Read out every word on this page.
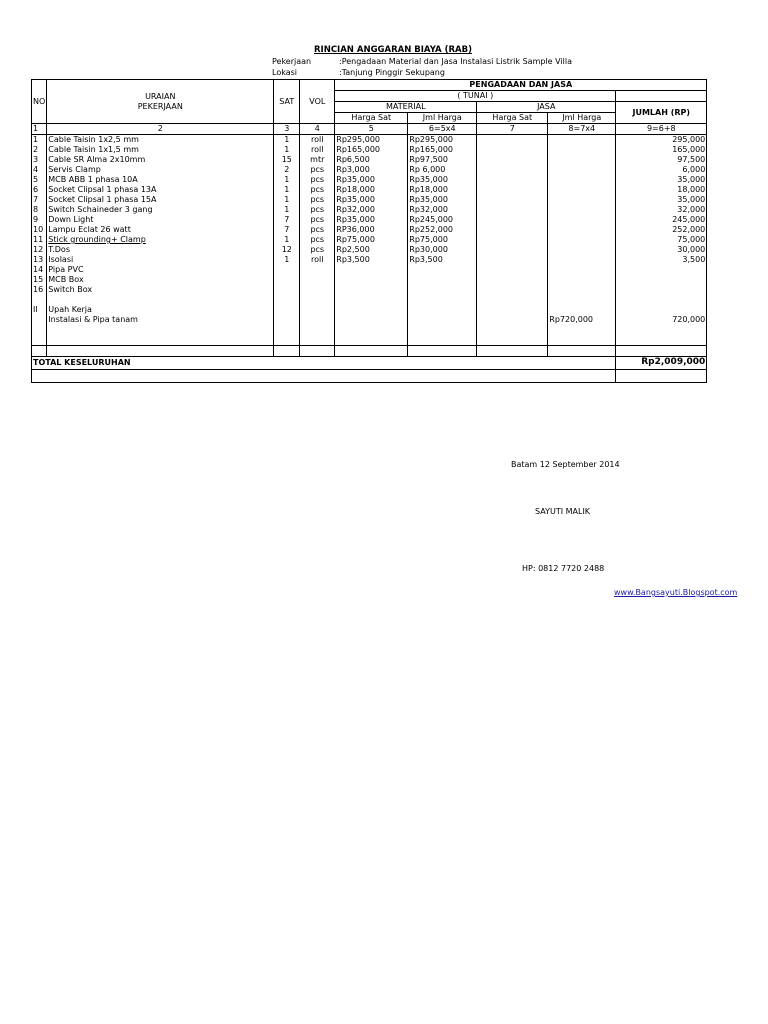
RINCIAN ANGGARAN BIAYA (RAB)
Pekerjaan	:Pengadaan Material dan Jasa Instalasi Listrik Sample Villa
Lokasi	:Tanjung Pinggir Sekupang
NO	URAIAN
PEKERJAAN	SAT	VOL	PENGADAAN DAN JASA				
				( TUNAI )				
				MATERIAL		JASA		JUMLAH (RP)
				Harga Sat	Jml Harga	Harga Sat	Jml Harga	
1	2	3	4	5	6=5x4	7	8=7x4	9=6+8
1	Cable Taisin 1x2,5 mm	1	roll	Rp295,000	Rp295,000			295,000
2	Cable Taisin 1x1,5 mm	1	roll	Rp165,000	Rp165,000			165,000
3	Cable SR Alma 2x10mm	15	mtr	Rp6,500	Rp97,500			97,500
4	Servis Clamp	2	pcs	Rp3,000	Rp 6,000			6,000
5	MCB ABB 1 phasa 10A	1	pcs	Rp35,000	Rp35,000			35,000
6	Socket Clipsal 1 phasa 13A	1	pcs	Rp18,000	Rp18,000			18,000
7	Socket Clipsal 1 phasa 15A	1	pcs	Rp35,000	Rp35,000			35,000
8	Switch Schaineder 3 gang	1	pcs	Rp32,000	Rp32,000			32,000
9	Down Light	7	pcs	Rp35,000	Rp245,000			245,000
10	Lampu Eclat 26 watt	7	pcs	RP36,000	Rp252,000			252,000
11	Stick grounding+ Clamp	1	pcs	Rp75,000	Rp75,000			75,000
12	T.Dos	12	pcs	Rp2,500	Rp30,000			30,000
13	Isolasi	1	roll	Rp3,500	Rp3,500			3,500
14	Pipa PVC							
15	MCB Box							
16	Switch Box							

II	Upah Kerja							
	Instalasi & Pipa tanam						Rp720,000	720,000

TOTAL KESELURUHAN								Rp2,009,000

Batam 12 September 2014
SAYUTI MALIK
HP: 0812 7720 2488
www.Bangsayuti.Blogspot.com
